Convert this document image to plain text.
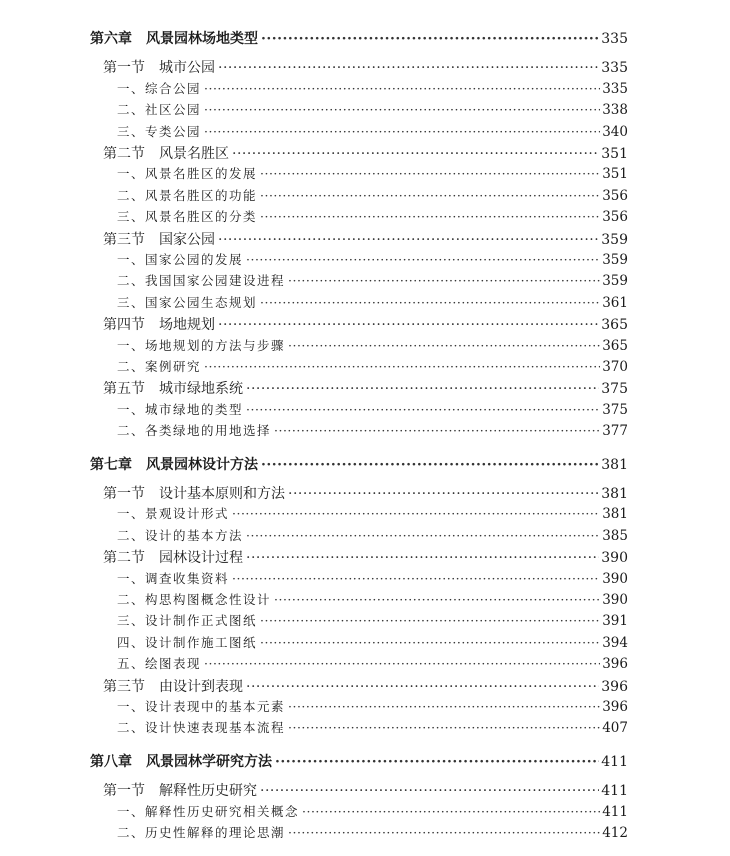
第六章　风景园林场地类型 ·····	335
第一节　城市公园 ·····	335
一、综合公园 ·····	335
二、社区公园 ·····	338
三、专类公园 ·····	340
第二节　风景名胜区 ·····	351
一、风景名胜区的发展 ·····	351
二、风景名胜区的功能 ·····	356
三、风景名胜区的分类 ·····	356
第三节　国家公园 ·····	359
一、国家公园的发展 ·····	359
二、我国国家公园建设进程 ·····	359
三、国家公园生态规划 ·····	361
第四节　场地规划 ·····	365
一、场地规划的方法与步骤 ·····	365
二、案例研究 ·····	370
第五节　城市绿地系统 ·····	375
一、城市绿地的类型 ·····	375
二、各类绿地的用地选择 ·····	377
第七章　风景园林设计方法 ·····	381
第一节　设计基本原则和方法 ·····	381
一、景观设计形式 ·····	381
二、设计的基本方法 ·····	385
第二节　园林设计过程 ·····	390
一、调查收集资料 ·····	390
二、构思构图概念性设计 ·····	390
三、设计制作正式图纸 ·····	391
四、设计制作施工图纸 ·····	394
五、绘图表现 ·····	396
第三节　由设计到表现 ·····	396
一、设计表现中的基本元素 ·····	396
二、设计快速表现基本流程 ·····	407
第八章　风景园林学研究方法 ·····	411
第一节　解释性历史研究 ·····	411
一、解释性历史研究相关概念 ·····	411
二、历史性解释的理论思潮 ·····	412
